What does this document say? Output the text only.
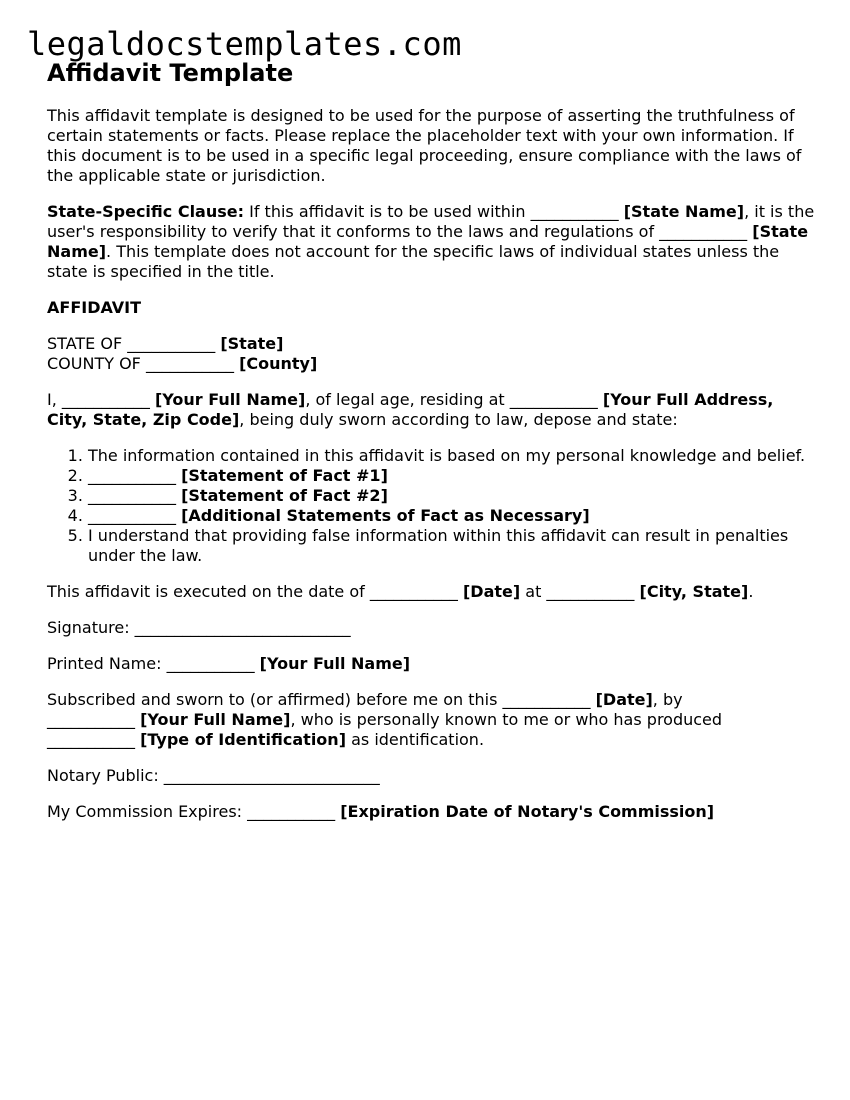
legaldocstemplates.com
Affidavit Template

This affidavit template is designed to be used for the purpose of asserting the truthfulness of certain statements or facts. Please replace the placeholder text with your own information. If this document is to be used in a specific legal proceeding, ensure compliance with the laws of the applicable state or jurisdiction.

State-Specific Clause: If this affidavit is to be used within ___________ [State Name], it is the user's responsibility to verify that it conforms to the laws and regulations of ___________ [State Name]. This template does not account for the specific laws of individual states unless the state is specified in the title.

AFFIDAVIT

STATE OF ___________ [State]
COUNTY OF ___________ [County]

I, ___________ [Your Full Name], of legal age, residing at ___________ [Your Full Address, City, State, Zip Code], being duly sworn according to law, depose and state:

1. The information contained in this affidavit is based on my personal knowledge and belief.
2. ___________ [Statement of Fact #1]
3. ___________ [Statement of Fact #2]
4. ___________ [Additional Statements of Fact as Necessary]
5. I understand that providing false information within this affidavit can result in penalties under the law.

This affidavit is executed on the date of ___________ [Date] at ___________ [City, State].

Signature: ___________________________

Printed Name: ___________ [Your Full Name]

Subscribed and sworn to (or affirmed) before me on this ___________ [Date], by
___________ [Your Full Name], who is personally known to me or who has produced
___________ [Type of Identification] as identification.

Notary Public: ___________________________

My Commission Expires: ___________ [Expiration Date of Notary's Commission]
